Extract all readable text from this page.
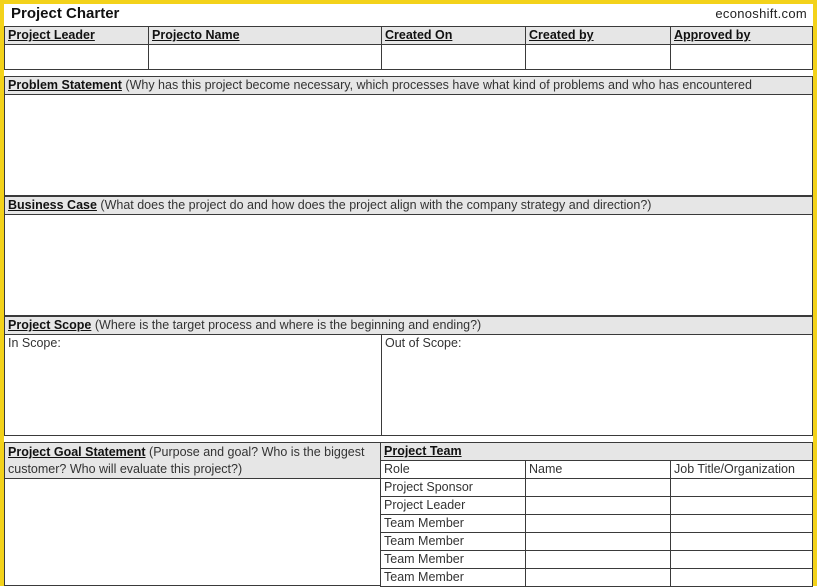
Project Charter	econoshift.com
Project Leader	Projecto Name	Created On	Created by	Approved by
Problem Statement (Why has this project become necessary, which processes have what kind of problems and who has encountered
Business Case (What does the project do and how does the project align with the company strategy and direction?)
Project Scope (Where is the target process and where is the beginning and ending?)
In Scope:	Out of Scope:
Project Goal Statement (Purpose and goal? Who is the biggest
customer? Who will evaluate this project?)
Project Team
Role	Name	Job Title/Organization
Project Sponsor
Project Leader
Team Member
Team Member
Team Member
Team Member
